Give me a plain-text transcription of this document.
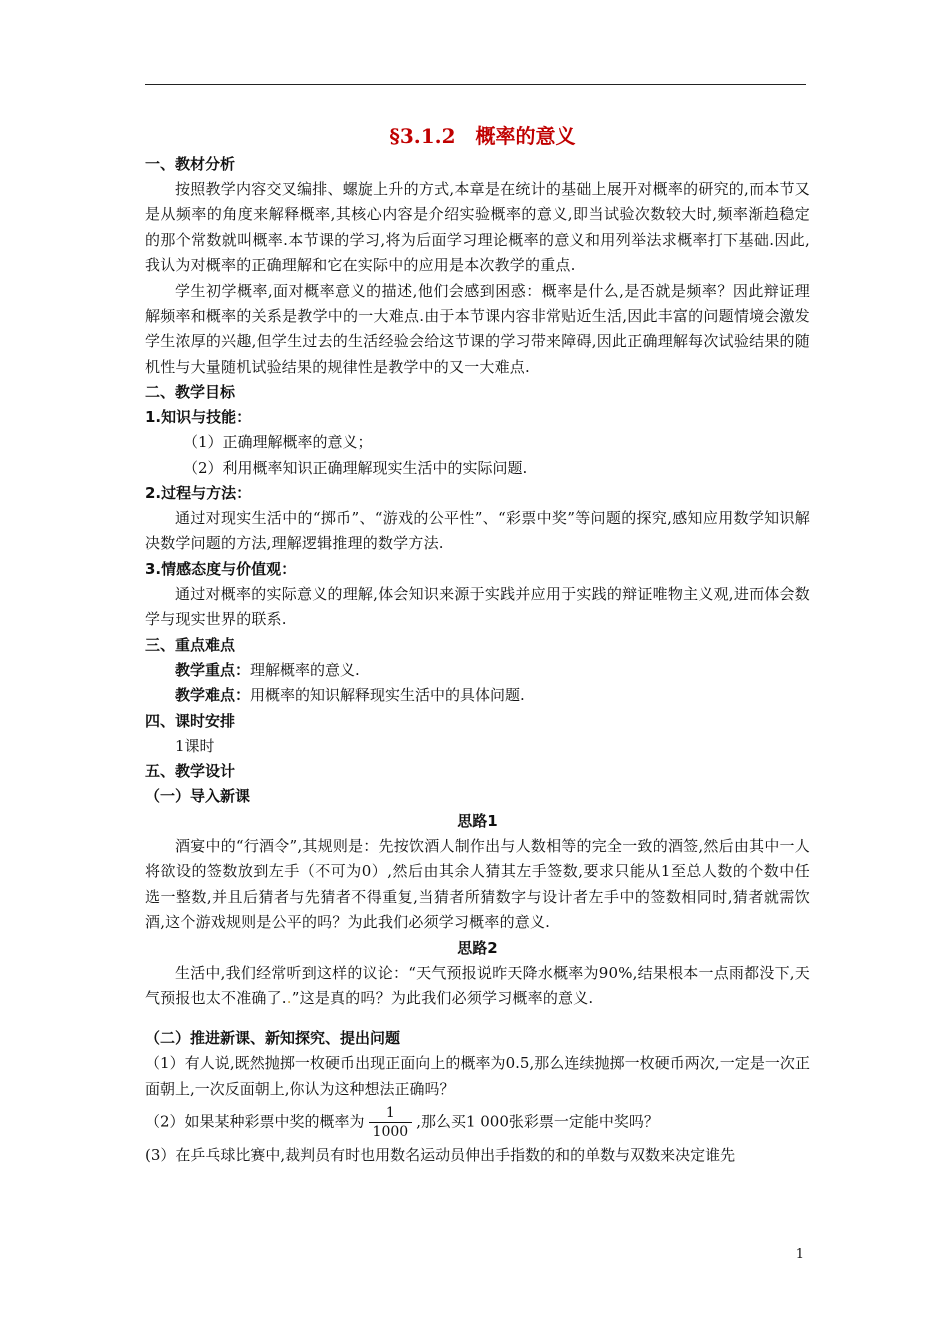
§3.1.2　概率的意义
一、教材分析
按照教学内容交叉编排、螺旋上升的方式,本章是在统计的基础上展开对概率的研究的,而本节又是从频率的角度来解释概率,其核心内容是介绍实验概率的意义,即当试验次数较大时,频率渐趋稳定的那个常数就叫概率.本节课的学习,将为后面学习理论概率的意义和用列举法求概率打下基础.因此,我认为对概率的正确理解和它在实际中的应用是本次教学的重点.
学生初学概率,面对概率意义的描述,他们会感到困惑：概率是什么,是否就是频率？因此辩证理解频率和概率的关系是教学中的一大难点.由于本节课内容非常贴近生活,因此丰富的问题情境会激发学生浓厚的兴趣,但学生过去的生活经验会给这节课的学习带来障碍,因此正确理解每次试验结果的随机性与大量随机试验结果的规律性是教学中的又一大难点.
二、教学目标
1.知识与技能：
（1）正确理解概率的意义；
（2）利用概率知识正确理解现实生活中的实际问题.
2.过程与方法：
通过对现实生活中的“掷币”、“游戏的公平性”、“彩票中奖”等问题的探究,感知应用数学知识解决数学问题的方法,理解逻辑推理的数学方法.
3.情感态度与价值观：
通过对概率的实际意义的理解,体会知识来源于实践并应用于实践的辩证唯物主义观,进而体会数学与现实世界的联系.
三、重点难点
教学重点：理解概率的意义.
教学难点：用概率的知识解释现实生活中的具体问题.
四、课时安排
1课时
五、教学设计
（一）导入新课
思路1
酒宴中的“行酒令”,其规则是：先按饮酒人制作出与人数相等的完全一致的酒签,然后由其中一人将欲设的签数放到左手（不可为0）,然后由其余人猜其左手签数,要求只能从1至总人数的个数中任选一整数,并且后猜者与先猜者不得重复,当猜者所猜数字与设计者左手中的签数相同时,猜者就需饮酒,这个游戏规则是公平的吗？为此我们必须学习概率的意义.
思路2
生活中,我们经常听到这样的议论：“天气预报说昨天降水概率为90%,结果根本一点雨都没下,天气预报也太不准确了..”这是真的吗？为此我们必须学习概率的意义.
（二）推进新课、新知探究、提出问题
（1）有人说,既然抛掷一枚硬币出现正面向上的概率为0.5,那么连续抛掷一枚硬币两次,一定是一次正面朝上,一次反面朝上,你认为这种想法正确吗？
（2）如果某种彩票中奖的概率为 $\frac{1}{1000}$ ,那么买1 000张彩票一定能中奖吗？
(3）在乒乓球比赛中,裁判员有时也用数名运动员伸出手指数的和的单数与双数来决定谁先
1
